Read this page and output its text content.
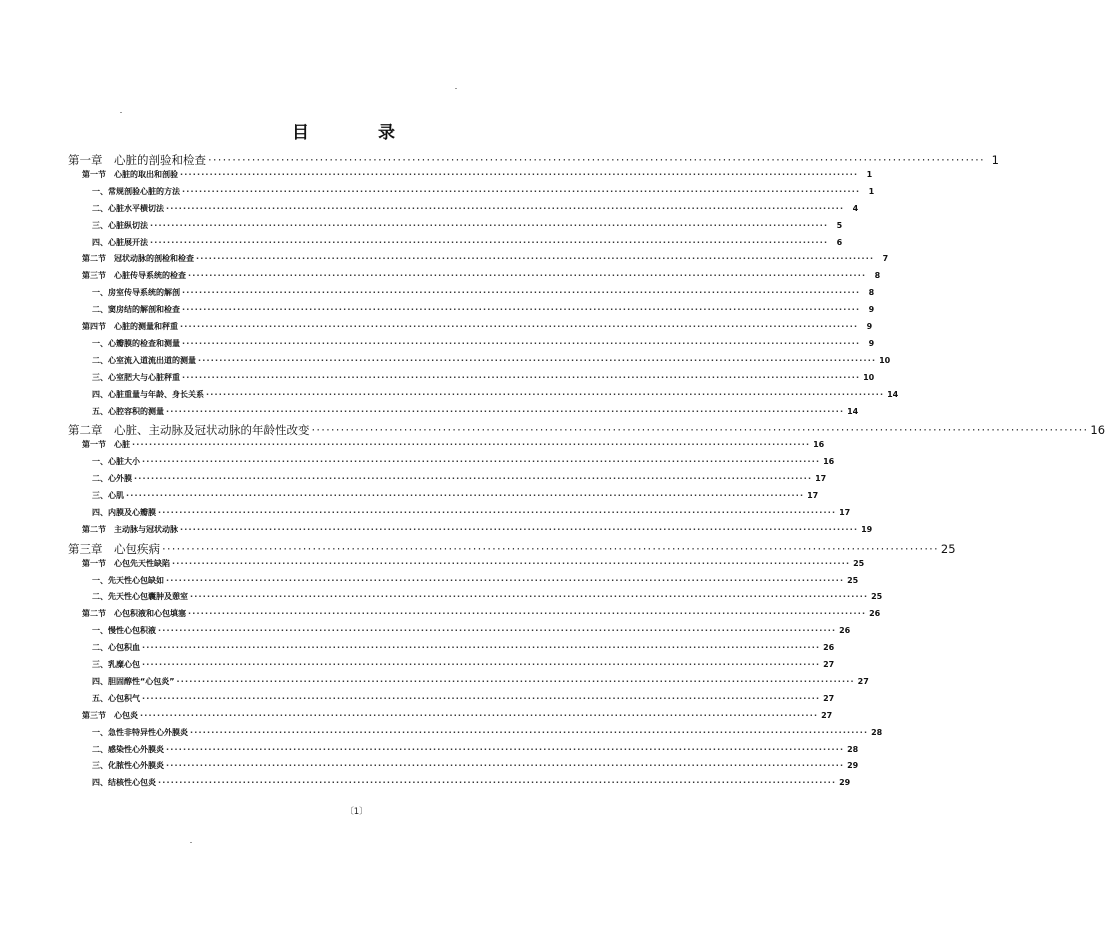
目　录
第一章　心脏的剖验和检查 ································································································································································ 1
第一节　心脏的取出和剖验 ································································································································································	1
一、常规剖验心脏的方法 ································································································································································	1
二、心脏水平横切法 ································································································································································	4
三、心脏纵切法 ································································································································································	5
四、心脏展开法 ································································································································································	6
第二节　冠状动脉的剖检和检查 ································································································································································	7
第三节　心脏传导系统的检查 ································································································································································	8
一、房室传导系统的解剖 ································································································································································	8
二、窦房结的解剖和检查 ································································································································································	9
第四节　心脏的测量和秤重 ································································································································································	9
一、心瓣膜的检查和测量 ································································································································································	9
二、心室流入道流出道的测量 ································································································································································ 10
三、心室肥大与心脏秤重 ································································································································································ 10
四、心脏重量与年龄、身长关系 ································································································································································ 14
五、心腔容积的测量 ································································································································································ 14
第二章　心脏、主动脉及冠状动脉的年龄性改变 ································································································································································ 16
第一节　心脏 ································································································································································ 16
一、心脏大小 ································································································································································ 16
二、心外膜 ································································································································································ 17
三、心肌 ································································································································································ 17
四、内膜及心瓣膜 ································································································································································ 17
第二节　主动脉与冠状动脉 ································································································································································ 19
第三章　心包疾病 ································································································································································ 25
第一节　心包先天性缺陷 ································································································································································ 25
一、先天性心包缺如 ································································································································································ 25
二、先天性心包囊肿及憩室 ································································································································································ 25
第二节　心包积液和心包填塞 ································································································································································ 26
一、慢性心包积液 ································································································································································ 26
二、心包积血 ································································································································································ 26
三、乳糜心包 ································································································································································ 27
四、胆固醇性“心包炎” ································································································································································ 27
五、心包积气 ································································································································································ 27
第三节　心包炎 ································································································································································ 27
一、急性非特异性心外膜炎 ································································································································································ 28
二、感染性心外膜炎 ································································································································································ 28
三、化脓性心外膜炎 ································································································································································ 29
四、结核性心包炎 ································································································································································ 29
〔1〕
